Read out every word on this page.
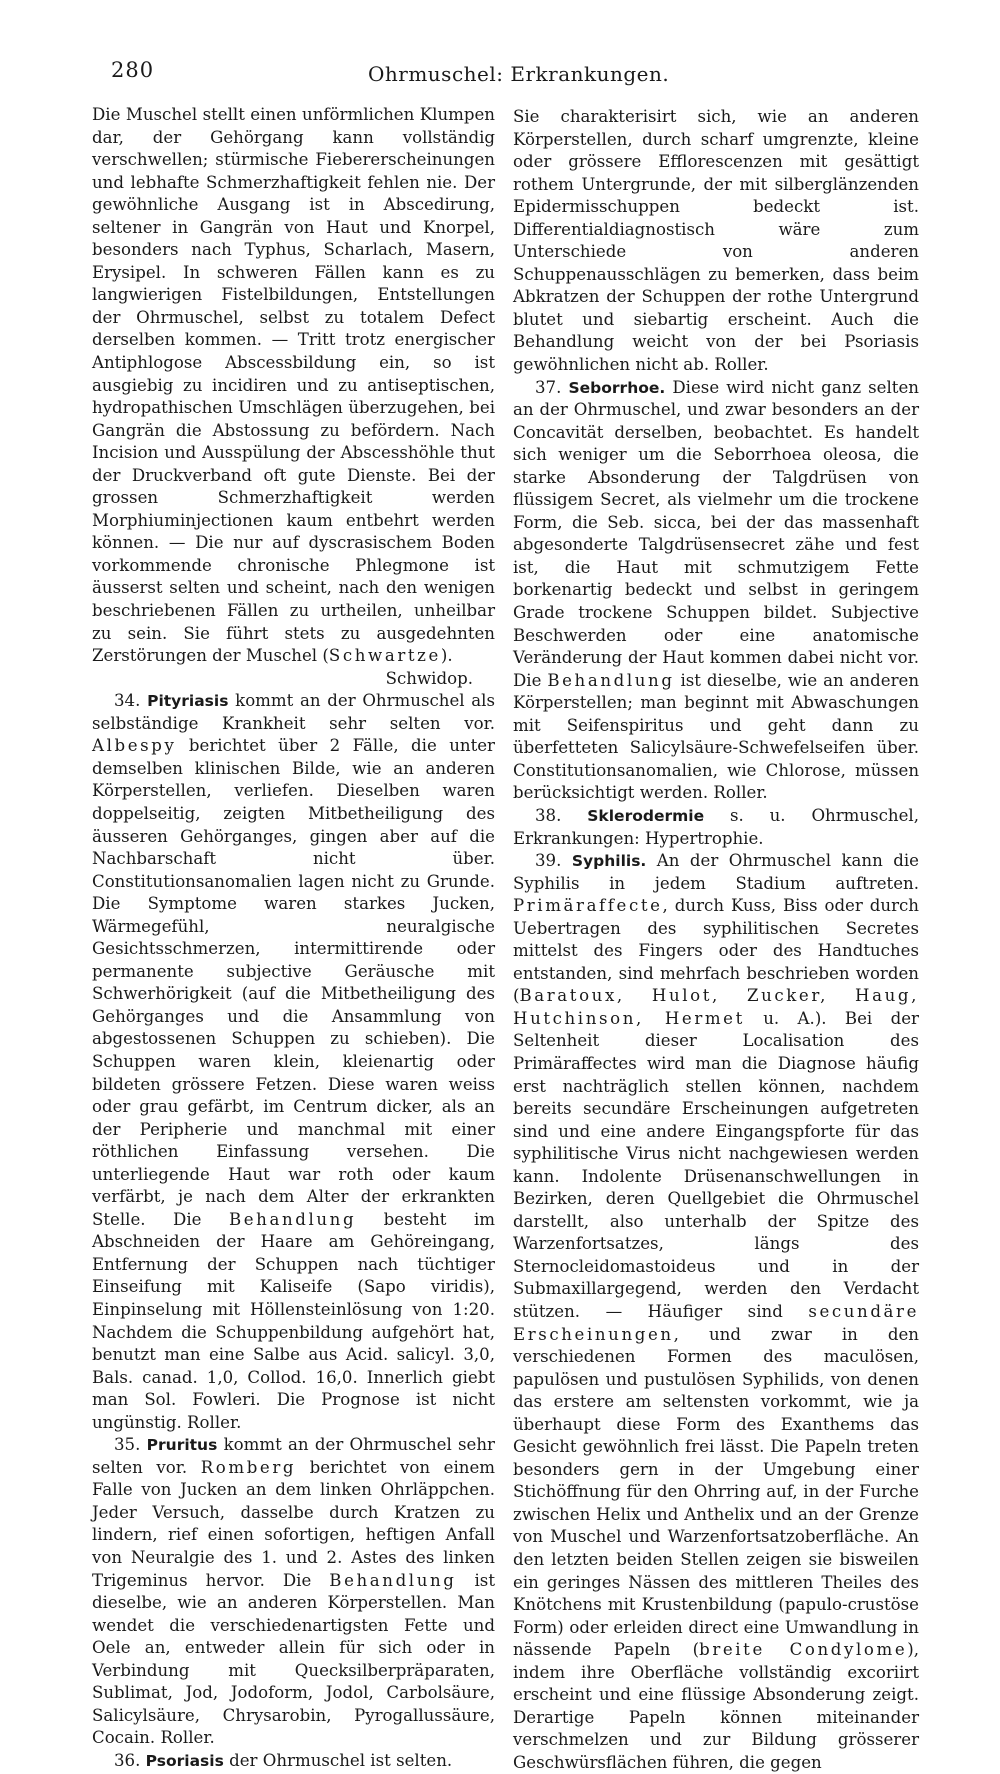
280	Ohrmuschel: Erkrankungen.

Die Muschel stellt einen unförmlichen Klumpen dar, der Gehörgang kann vollständig verschwellen; stürmische Fiebererscheinungen und lebhafte Schmerzhaftigkeit fehlen nie. Der gewöhnliche Ausgang ist in Abscedirung, seltener in Gangrän von Haut und Knorpel, besonders nach Typhus, Scharlach, Masern, Erysipel. In schweren Fällen kann es zu langwierigen Fistelbildungen, Entstellungen der Ohrmuschel, selbst zu totalem Defect derselben kommen. — Tritt trotz energischer Antiphlogose Abscessbildung ein, so ist ausgiebig zu incidiren und zu antiseptischen, hydropathischen Umschlägen überzugehen, bei Gangrän die Abstossung zu befördern. Nach Incision und Ausspülung der Abscesshöhle thut der Druckverband oft gute Dienste. Bei der grossen Schmerzhaftigkeit werden Morphiuminjectionen kaum entbehrt werden können. — Die nur auf dyscrasischem Boden vorkommende chronische Phlegmone ist äusserst selten und scheint, nach den wenigen beschriebenen Fällen zu urtheilen, unheilbar zu sein. Sie führt stets zu ausgedehnten Zerstörungen der Muschel (Schwartze).

Schwidop.

34. Pityriasis kommt an der Ohrmuschel als selbständige Krankheit sehr selten vor. Albespy berichtet über 2 Fälle, die unter demselben klinischen Bilde, wie an anderen Körperstellen, verliefen. Dieselben waren doppelseitig, zeigten Mitbetheiligung des äusseren Gehörganges, gingen aber auf die Nachbarschaft nicht über. Constitutionsanomalien lagen nicht zu Grunde. Die Symptome waren starkes Jucken, Wärmegefühl, neuralgische Gesichtsschmerzen, intermittirende oder permanente subjective Geräusche mit Schwerhörigkeit (auf die Mitbetheiligung des Gehörganges und die Ansammlung von abgestossenen Schuppen zu schieben). Die Schuppen waren klein, kleienartig oder bildeten grössere Fetzen. Diese waren weiss oder grau gefärbt, im Centrum dicker, als an der Peripherie und manchmal mit einer röthlichen Einfassung versehen. Die unterliegende Haut war roth oder kaum verfärbt, je nach dem Alter der erkrankten Stelle. Die Behandlung besteht im Abschneiden der Haare am Gehöreingang, Entfernung der Schuppen nach tüchtiger Einseifung mit Kaliseife (Sapo viridis), Einpinselung mit Höllensteinlösung von 1:20. Nachdem die Schuppenbildung aufgehört hat, benutzt man eine Salbe aus Acid. salicyl. 3,0, Bals. canad. 1,0, Collod. 16,0. Innerlich giebt man Sol. Fowleri. Die Prognose ist nicht ungünstig. Roller.

35. Pruritus kommt an der Ohrmuschel sehr selten vor. Romberg berichtet von einem Falle von Jucken an dem linken Ohrläppchen. Jeder Versuch, dasselbe durch Kratzen zu lindern, rief einen sofortigen, heftigen Anfall von Neuralgie des 1. und 2. Astes des linken Trigeminus hervor. Die Behandlung ist dieselbe, wie an anderen Körperstellen. Man wendet die verschiedenartigsten Fette und Oele an, entweder allein für sich oder in Verbindung mit Quecksilberpräparaten, Sublimat, Jod, Jodoform, Jodol, Carbolsäure, Salicylsäure, Chrysarobin, Pyrogallussäure, Cocain. Roller.

36. Psoriasis der Ohrmuschel ist selten.

Sie charakterisirt sich, wie an anderen Körperstellen, durch scharf umgrenzte, kleine oder grössere Efflorescenzen mit gesättigt rothem Untergrunde, der mit silberglänzenden Epidermisschuppen bedeckt ist. Differentialdiagnostisch wäre zum Unterschiede von anderen Schuppenausschlägen zu bemerken, dass beim Abkratzen der Schuppen der rothe Untergrund blutet und siebartig erscheint. Auch die Behandlung weicht von der bei Psoriasis gewöhnlichen nicht ab. Roller.

37. Seborrhoe. Diese wird nicht ganz selten an der Ohrmuschel, und zwar besonders an der Concavität derselben, beobachtet. Es handelt sich weniger um die Seborrhoea oleosa, die starke Absonderung der Talgdrüsen von flüssigem Secret, als vielmehr um die trockene Form, die Seb. sicca, bei der das massenhaft abgesonderte Talgdrüsensecret zähe und fest ist, die Haut mit schmutzigem Fette borkenartig bedeckt und selbst in geringem Grade trockene Schuppen bildet. Subjective Beschwerden oder eine anatomische Veränderung der Haut kommen dabei nicht vor. Die Behandlung ist dieselbe, wie an anderen Körperstellen; man beginnt mit Abwaschungen mit Seifenspiritus und geht dann zu überfetteten Salicylsäure-Schwefelseifen über. Constitutionsanomalien, wie Chlorose, müssen berücksichtigt werden. Roller.

38. Sklerodermie s. u. Ohrmuschel, Erkrankungen: Hypertrophie.

39. Syphilis. An der Ohrmuschel kann die Syphilis in jedem Stadium auftreten. Primäraffecte, durch Kuss, Biss oder durch Uebertragen des syphilitischen Secretes mittelst des Fingers oder des Handtuches entstanden, sind mehrfach beschrieben worden (Baratoux, Hulot, Zucker, Haug, Hutchinson, Hermet u. A.). Bei der Seltenheit dieser Localisation des Primäraffectes wird man die Diagnose häufig erst nachträglich stellen können, nachdem bereits secundäre Erscheinungen aufgetreten sind und eine andere Eingangspforte für das syphilitische Virus nicht nachgewiesen werden kann. Indolente Drüsenanschwellungen in Bezirken, deren Quellgebiet die Ohrmuschel darstellt, also unterhalb der Spitze des Warzenfortsatzes, längs des Sternocleidomastoideus und in der Submaxillargegend, werden den Verdacht stützen. — Häufiger sind secundäre Erscheinungen, und zwar in den verschiedenen Formen des maculösen, papulösen und pustulösen Syphilids, von denen das erstere am seltensten vorkommt, wie ja überhaupt diese Form des Exanthems das Gesicht gewöhnlich frei lässt. Die Papeln treten besonders gern in der Umgebung einer Stichöffnung für den Ohrring auf, in der Furche zwischen Helix und Anthelix und an der Grenze von Muschel und Warzenfortsatzoberfläche. An den letzten beiden Stellen zeigen sie bisweilen ein geringes Nässen des mittleren Theiles des Knötchens mit Krustenbildung (papulo-crustöse Form) oder erleiden direct eine Umwandlung in nässende Papeln (breite Condylome), indem ihre Oberfläche vollständig excoriirt erscheint und eine flüssige Absonderung zeigt. Derartige Papeln können miteinander verschmelzen und zur Bildung grösserer Geschwürsflächen führen, die gegen
